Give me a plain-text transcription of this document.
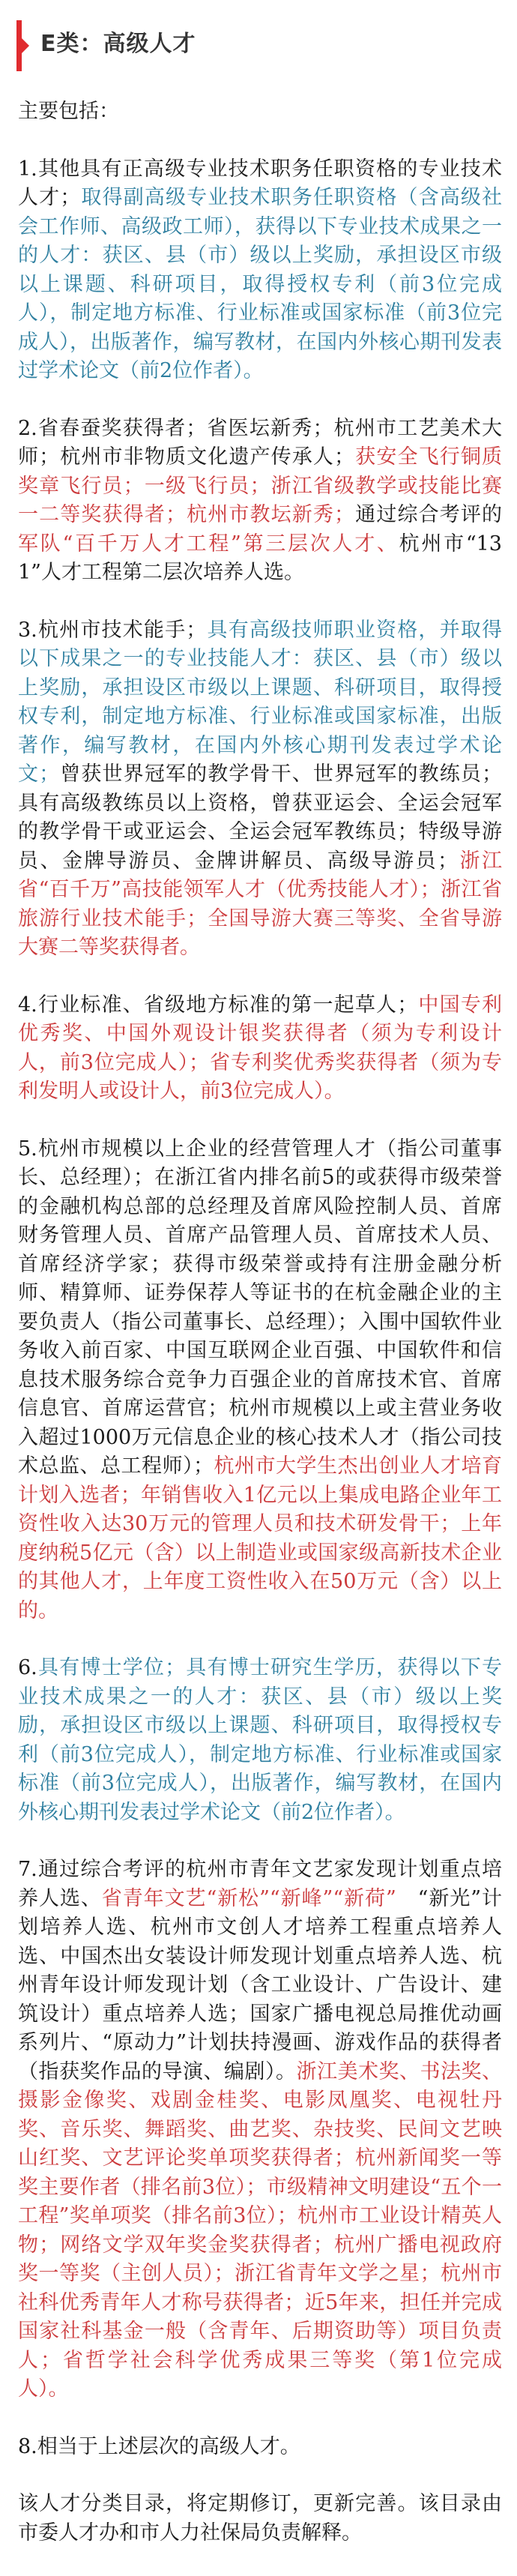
E类：高级人才

主要包括：

1.其他具有正高级专业技术职务任职资格的专业技术人才；取得副高级专业技术职务任职资格（含高级社会工作师、高级政工师），获得以下专业技术成果之一的人才：获区、县（市）级以上奖励，承担设区市级以上课题、科研项目，取得授权专利（前3位完成人），制定地方标准、行业标准或国家标准（前3位完成人），出版著作，编写教材，在国内外核心期刊发表过学术论文（前2位作者）。

2.省春蚕奖获得者；省医坛新秀；杭州市工艺美术大师；杭州市非物质文化遗产传承人；获安全飞行铜质奖章飞行员；一级飞行员；浙江省级教学或技能比赛一二等奖获得者；杭州市教坛新秀；通过综合考评的军队“百千万人才工程”第三层次人才、杭州市“131”人才工程第二层次培养人选。

3.杭州市技术能手；具有高级技师职业资格，并取得以下成果之一的专业技能人才：获区、县（市）级以上奖励，承担设区市级以上课题、科研项目，取得授权专利，制定地方标准、行业标准或国家标准，出版著作，编写教材，在国内外核心期刊发表过学术论文；曾获世界冠军的教学骨干、世界冠军的教练员；具有高级教练员以上资格，曾获亚运会、全运会冠军的教学骨干或亚运会、全运会冠军教练员；特级导游员、金牌导游员、金牌讲解员、高级导游员；浙江省“百千万”高技能领军人才（优秀技能人才）；浙江省旅游行业技术能手；全国导游大赛三等奖、全省导游大赛二等奖获得者。

4.行业标准、省级地方标准的第一起草人；中国专利优秀奖、中国外观设计银奖获得者（须为专利设计人，前3位完成人）；省专利奖优秀奖获得者（须为专利发明人或设计人，前3位完成人）。

5.杭州市规模以上企业的经营管理人才（指公司董事长、总经理）；在浙江省内排名前5的或获得市级荣誉的金融机构总部的总经理及首席风险控制人员、首席财务管理人员、首席产品管理人员、首席技术人员、首席经济学家；获得市级荣誉或持有注册金融分析师、精算师、证券保荐人等证书的在杭金融企业的主要负责人（指公司董事长、总经理）；入围中国软件业务收入前百家、中国互联网企业百强、中国软件和信息技术服务综合竞争力百强企业的首席技术官、首席信息官、首席运营官；杭州市规模以上或主营业务收入超过1000万元信息企业的核心技术人才（指公司技术总监、总工程师）；杭州市大学生杰出创业人才培育计划入选者；年销售收入1亿元以上集成电路企业年工资性收入达30万元的管理人员和技术研发骨干；上年度纳税5亿元（含）以上制造业或国家级高新技术企业的其他人才，上年度工资性收入在50万元（含）以上的。

6.具有博士学位；具有博士研究生学历，获得以下专业技术成果之一的人才：获区、县（市）级以上奖励，承担设区市级以上课题、科研项目，取得授权专利（前3位完成人），制定地方标准、行业标准或国家标准（前3位完成人），出版著作，编写教材，在国内外核心期刊发表过学术论文（前2位作者）。

7.通过综合考评的杭州市青年文艺家发现计划重点培养人选、省青年文艺“新松”“新峰”“新荷”　“新光”计划培养人选、杭州市文创人才培养工程重点培养人选、中国杰出女装设计师发现计划重点培养人选、杭州青年设计师发现计划（含工业设计、广告设计、建筑设计）重点培养人选；国家广播电视总局推优动画系列片、“原动力”计划扶持漫画、游戏作品的获得者（指获奖作品的导演、编剧）。浙江美术奖、书法奖、摄影金像奖、戏剧金桂奖、电影凤凰奖、电视牡丹奖、音乐奖、舞蹈奖、曲艺奖、杂技奖、民间文艺映山红奖、文艺评论奖单项奖获得者；杭州新闻奖一等奖主要作者（排名前3位）；市级精神文明建设“五个一工程”奖单项奖（排名前3位）；杭州市工业设计精英人物；网络文学双年奖金奖获得者；杭州广播电视政府奖一等奖（主创人员）；浙江省青年文学之星；杭州市社科优秀青年人才称号获得者；近5年来，担任并完成国家社科基金一般（含青年、后期资助等）项目负责人；省哲学社会科学优秀成果三等奖（第1位完成人）。

8.相当于上述层次的高级人才。

该人才分类目录，将定期修订，更新完善。该目录由市委人才办和市人力社保局负责解释。
